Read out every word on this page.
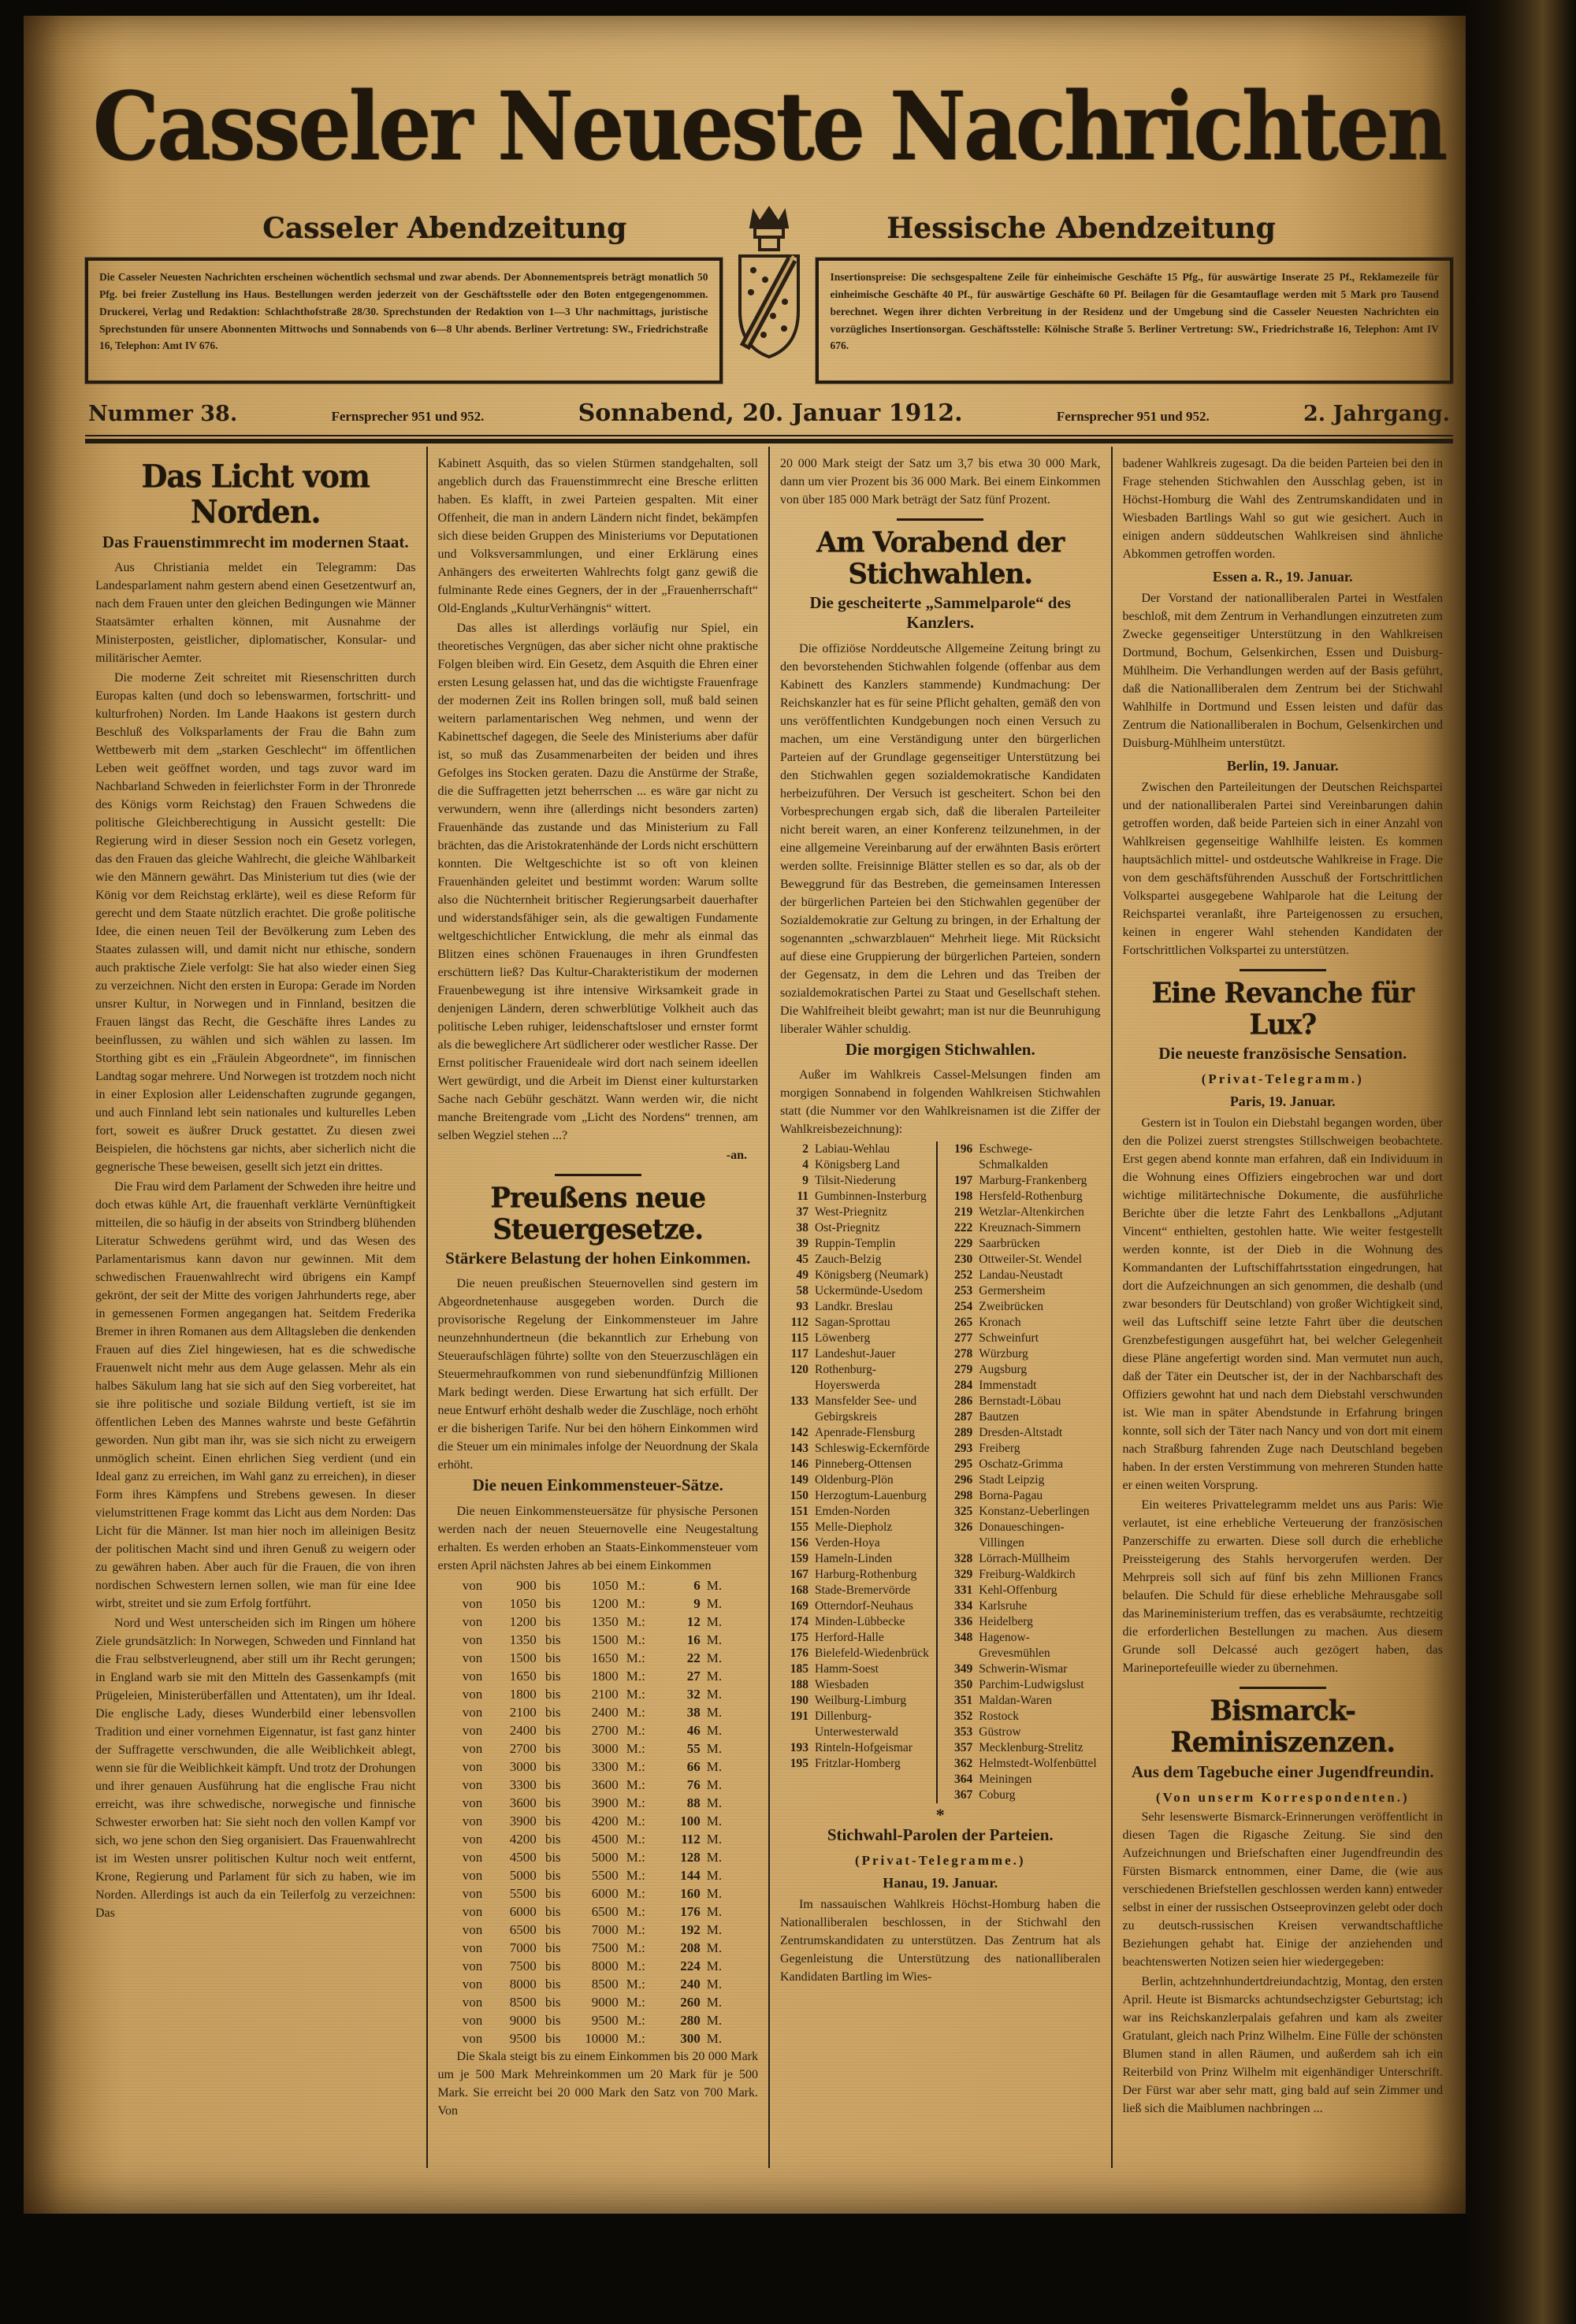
Casseler Neueste Nachrichten
Casseler Abendzeitung	Hessische Abendzeitung
Die Casseler Neuesten Nachrichten erscheinen wöchentlich sechsmal und zwar abends. Der Abonnementspreis beträgt monatlich 50 Pfg. bei freier Zustellung ins Haus. Bestellungen werden jederzeit von der Geschäftsstelle oder den Boten entgegengenommen. Druckerei, Verlag und Redaktion: Schlachthofstraße 28/30. Sprechstunden der Redaktion von 1—3 Uhr nachmittags, juristische Sprechstunden für unsere Abonnenten Mittwochs und Sonnabends von 6—8 Uhr abends. Berliner Vertretung: SW., Friedrichstraße 16, Telephon: Amt IV 676.
Insertionspreise: Die sechsgespaltene Zeile für einheimische Geschäfte 15 Pfg., für auswärtige Inserate 25 Pf., Reklamezeile für einheimische Geschäfte 40 Pf., für auswärtige Geschäfte 60 Pf. Beilagen für die Gesamtauflage werden mit 5 Mark pro Tausend berechnet. Wegen ihrer dichten Verbreitung in der Residenz und der Umgebung sind die Casseler Neuesten Nachrichten ein vorzügliches Insertionsorgan. Geschäftsstelle: Kölnische Straße 5. Berliner Vertretung: SW., Friedrichstraße 16, Telephon: Amt IV 676.
Nummer 38.	Fernsprecher 951 und 952.	Sonnabend, 20. Januar 1912.	Fernsprecher 951 und 952.	2. Jahrgang.
Das Licht vom Norden.
Das Frauenstimmrecht im modernen Staat.
Aus Christiania meldet ein Telegramm: Das Landesparlament nahm gestern abend einen Gesetzentwurf an, nach dem Frauen unter den gleichen Bedingungen wie Männer Staatsämter erhalten können, mit Ausnahme der Ministerposten, geistlicher, diplomatischer, Konsular- und militärischer Aemter.
Die moderne Zeit schreitet mit Riesenschritten durch Europas kalten (und doch so lebenswarmen, fortschritt- und kulturfrohen) Norden. Im Lande Haakons ist gestern durch Beschluß des Volksparlaments der Frau die Bahn zum Wettbewerb mit dem „starken Geschlecht“ im öffentlichen Leben weit geöffnet worden, und tags zuvor ward im Nachbarland Schweden in feierlichster Form in der Thronrede des Königs vorm Reichstag) den Frauen Schwedens die politische Gleichberechtigung in Aussicht gestellt: Die Regierung wird in dieser Session noch ein Gesetz vorlegen, das den Frauen das gleiche Wahlrecht, die gleiche Wählbarkeit wie den Männern gewährt. Das Ministerium tut dies (wie der König vor dem Reichstag erklärte), weil es diese Reform für gerecht und dem Staate nützlich erachtet. Die große politische Idee, die einen neuen Teil der Bevölkerung zum Leben des Staates zulassen will, und damit nicht nur ethische, sondern auch praktische Ziele verfolgt: Sie hat also wieder einen Sieg zu verzeichnen. Nicht den ersten in Europa: Gerade im Norden unsrer Kultur, in Norwegen und in Finnland, besitzen die Frauen längst das Recht, die Geschäfte ihres Landes zu beeinflussen, zu wählen und sich wählen zu lassen. Im Storthing gibt es ein „Fräulein Abgeordnete“, im finnischen Landtag sogar mehrere. Und Norwegen ist trotzdem noch nicht in einer Explosion aller Leidenschaften zugrunde gegangen, und auch Finnland lebt sein nationales und kulturelles Leben fort, soweit es äußrer Druck gestattet. Zu diesen zwei Beispielen, die höchstens gar nichts, aber sicherlich nicht die gegnerische These beweisen, gesellt sich jetzt ein drittes.
Die Frau wird dem Parlament der Schweden ihre heitre und doch etwas kühle Art, die frauenhaft verklärte Vernünftigkeit mitteilen, die so häufig in der abseits von Strindberg blühenden Literatur Schwedens gerühmt wird, und das Wesen des Parlamentarismus kann davon nur gewinnen. Mit dem schwedischen Frauenwahlrecht wird übrigens ein Kampf gekrönt, der seit der Mitte des vorigen Jahrhunderts rege, aber in gemessenen Formen angegangen hat. Seitdem Frederika Bremer in ihren Romanen aus dem Alltagsleben die denkenden Frauen auf dies Ziel hingewiesen, hat es die schwedische Frauenwelt nicht mehr aus dem Auge gelassen. Mehr als ein halbes Säkulum lang hat sie sich auf den Sieg vorbereitet, hat sie ihre politische und soziale Bildung vertieft, ist sie im öffentlichen Leben des Mannes wahrste und beste Gefährtin geworden. Nun gibt man ihr, was sie sich nicht zu erweigern unmöglich scheint. Einen ehrlichen Sieg verdient (und ein Ideal ganz zu erreichen, im Wahl ganz zu erreichen), in dieser Form ihres Kämpfens und Strebens gewesen. In dieser vielumstrittenen Frage kommt das Licht aus dem Norden: Das Licht für die Männer. Ist man hier noch im alleinigen Besitz der politischen Macht sind und ihren Genuß zu weigern oder zu gewähren haben. Aber auch für die Frauen, die von ihren nordischen Schwestern lernen sollen, wie man für eine Idee wirbt, streitet und sie zum Erfolg fortführt.
Nord und West unterscheiden sich im Ringen um höhere Ziele grundsätzlich: In Norwegen, Schweden und Finnland hat die Frau selbstverleugnend, aber still um ihr Recht gerungen; in England warb sie mit den Mitteln des Gassenkampfs (mit Prügeleien, Ministerüberfällen und Attentaten), um ihr Ideal. Die englische Lady, dieses Wunderbild einer lebensvollen Tradition und einer vornehmen Eigennatur, ist fast ganz hinter der Suffragette verschwunden, die alle Weiblichkeit ablegt, wenn sie für die Weiblichkeit kämpft. Und trotz der Drohungen und ihrer genauen Ausführung hat die englische Frau nicht erreicht, was ihre schwedische, norwegische und finnische Schwester erworben hat: Sie sieht noch den vollen Kampf vor sich, wo jene schon den Sieg organisiert. Das Frauenwahlrecht ist im Westen unsrer politischen Kultur noch weit entfernt, Krone, Regierung und Parlament für sich zu haben, wie im Norden. Allerdings ist auch da ein Teilerfolg zu verzeichnen: Das
Kabinett Asquith, das so vielen Stürmen standgehalten, soll angeblich durch das Frauenstimmrecht eine Bresche erlitten haben. Es klafft, in zwei Parteien gespalten. Mit einer Offenheit, die man in andern Ländern nicht findet, bekämpfen sich diese beiden Gruppen des Ministeriums vor Deputationen und Volksversammlungen, und einer Erklärung eines Anhängers des erweiterten Wahlrechts folgt ganz gewiß die fulminante Rede eines Gegners, der in der „Frauenherrschaft“ Old-Englands „KulturVerhängnis“ wittert.
Das alles ist allerdings vorläufig nur Spiel, ein theoretisches Vergnügen, das aber sicher nicht ohne praktische Folgen bleiben wird. Ein Gesetz, dem Asquith die Ehren einer ersten Lesung gelassen hat, und das die wichtigste Frauenfrage der modernen Zeit ins Rollen bringen soll, muß bald seinen weitern parlamentarischen Weg nehmen, und wenn der Kabinettschef dagegen, die Seele des Ministeriums aber dafür ist, so muß das Zusammenarbeiten der beiden und ihres Gefolges ins Stocken geraten. Dazu die Anstürme der Straße, die die Suffragetten jetzt beherrschen ... es wäre gar nicht zu verwundern, wenn ihre (allerdings nicht besonders zarten) Frauenhände das zustande und das Ministerium zu Fall brächten, das die Aristokratenhände der Lords nicht erschüttern konnten. Die Weltgeschichte ist so oft von kleinen Frauenhänden geleitet und bestimmt worden: Warum sollte also die Nüchternheit britischer Regierungsarbeit dauerhafter und widerstandsfähiger sein, als die gewaltigen Fundamente weltgeschichtlicher Entwicklung, die mehr als einmal das Blitzen eines schönen Frauenauges in ihren Grundfesten erschüttern ließ? Das Kultur-Charakteristikum der modernen Frauenbewegung ist ihre intensive Wirksamkeit grade in denjenigen Ländern, deren schwerblütige Volkheit auch das politische Leben ruhiger, leidenschaftsloser und ernster formt als die beweglichere Art südlicherer oder westlicher Rasse. Der Ernst politischer Frauenideale wird dort nach seinem ideellen Wert gewürdigt, und die Arbeit im Dienst einer kulturstarken Sache nach Gebühr geschätzt. Wann werden wir, die nicht manche Breitengrade vom „Licht des Nordens“ trennen, am selben Wegziel stehen ...?
-an.
Preußens neue Steuergesetze.
Stärkere Belastung der hohen Einkommen.
Die neuen preußischen Steuernovellen sind gestern im Abgeordnetenhause ausgegeben worden. Durch die provisorische Regelung der Einkommensteuer im Jahre neunzehnhundertneun (die bekanntlich zur Erhebung von Steueraufschlägen führte) sollte von den Steuerzuschlägen ein Steuermehraufkommen von rund siebenundfünfzig Millionen Mark bedingt werden. Diese Erwartung hat sich erfüllt. Der neue Entwurf erhöht deshalb weder die Zuschläge, noch erhöht er die bisherigen Tarife. Nur bei den höhern Einkommen wird die Steuer um ein minimales infolge der Neuordnung der Skala erhöht.
Die neuen Einkommensteuer-Sätze.
Die neuen Einkommensteuersätze für physische Personen werden nach der neuen Steuernovelle eine Neugestaltung erhalten. Es werden erhoben an Staats-Einkommensteuer vom ersten April nächsten Jahres ab bei einem Einkommen
von	900 bis	1050 M.:	6 M.
von	1050 bis	1200 M.:	9 M.
von	1200 bis	1350 M.:	12 M.
von	1350 bis	1500 M.:	16 M.
von	1500 bis	1650 M.:	22 M.
von	1650 bis	1800 M.:	27 M.
von	1800 bis	2100 M.:	32 M.
von	2100 bis	2400 M.:	38 M.
von	2400 bis	2700 M.:	46 M.
von	2700 bis	3000 M.:	55 M.
von	3000 bis	3300 M.:	66 M.
von	3300 bis	3600 M.:	76 M.
von	3600 bis	3900 M.:	88 M.
von	3900 bis	4200 M.:	100 M.
von	4200 bis	4500 M.:	112 M.
von	4500 bis	5000 M.:	128 M.
von	5000 bis	5500 M.:	144 M.
von	5500 bis	6000 M.:	160 M.
von	6000 bis	6500 M.:	176 M.
von	6500 bis	7000 M.:	192 M.
von	7000 bis	7500 M.:	208 M.
von	7500 bis	8000 M.:	224 M.
von	8000 bis	8500 M.:	240 M.
von	8500 bis	9000 M.:	260 M.
von	9000 bis	9500 M.:	280 M.
von	9500 bis	10000 M.:	300 M.
Die Skala steigt bis zu einem Einkommen bis 20 000 Mark um je 500 Mark Mehreinkommen um 20 Mark für je 500 Mark. Sie erreicht bei 20 000 Mark den Satz von 700 Mark. Von
20 000 Mark steigt der Satz um 3,7 bis etwa 30 000 Mark, dann um vier Prozent bis 36 000 Mark. Bei einem Einkommen von über 185 000 Mark beträgt der Satz fünf Prozent.
Am Vorabend der Stichwahlen.
Die gescheiterte „Sammelparole“ des Kanzlers.
Die offiziöse Norddeutsche Allgemeine Zeitung bringt zu den bevorstehenden Stichwahlen folgende (offenbar aus dem Kabinett des Kanzlers stammende) Kundmachung: Der Reichskanzler hat es für seine Pflicht gehalten, gemäß den von uns veröffentlichten Kundgebungen noch einen Versuch zu machen, um eine Verständigung unter den bürgerlichen Parteien auf der Grundlage gegenseitiger Unterstützung bei den Stichwahlen gegen sozialdemokratische Kandidaten herbeizuführen. Der Versuch ist gescheitert. Schon bei den Vorbesprechungen ergab sich, daß die liberalen Parteileiter nicht bereit waren, an einer Konferenz teilzunehmen, in der eine allgemeine Vereinbarung auf der erwähnten Basis erörtert werden sollte. Freisinnige Blätter stellen es so dar, als ob der Beweggrund für das Bestreben, die gemeinsamen Interessen der bürgerlichen Parteien bei den Stichwahlen gegenüber der Sozialdemokratie zur Geltung zu bringen, in der Erhaltung der sogenannten „schwarzblauen“ Mehrheit liege. Mit Rücksicht auf diese eine Gruppierung der bürgerlichen Parteien, sondern der Gegensatz, in dem die Lehren und das Treiben der sozialdemokratischen Partei zu Staat und Gesellschaft stehen. Die Wahlfreiheit bleibt gewahrt; man ist nur die Beunruhigung liberaler Wähler schuldig.
Die morgigen Stichwahlen.
Außer im Wahlkreis Cassel-Melsungen finden am morgigen Sonnabend in folgenden Wahlkreisen Stichwahlen statt (die Nummer vor den Wahlkreisnamen ist die Ziffer der Wahlkreisbezeichnung):
2 Labiau-Wehlau
4 Königsberg Land
9 Tilsit-Niederung
11 Gumbinnen-Insterburg
37 West-Priegnitz
38 Ost-Priegnitz
39 Ruppin-Templin
45 Zauch-Belzig
49 Königsberg (Neumark)
58 Uckermünde-Usedom
93 Landkr. Breslau
112 Sagan-Sprottau
115 Löwenberg
117 Landeshut-Jauer
120 Rothenburg-Hoyerswerda
133 Mansfelder See- und Gebirgskreis
142 Apenrade-Flensburg
143 Schleswig-Eckernförde
146 Pinneberg-Ottensen
149 Oldenburg-Plön
150 Herzogtum-Lauenburg
151 Emden-Norden
155 Melle-Diepholz
156 Verden-Hoya
159 Hameln-Linden
167 Harburg-Rothenburg
168 Stade-Bremervörde
169 Otterndorf-Neuhaus
174 Minden-Lübbecke
175 Herford-Halle
176 Bielefeld-Wiedenbrück
185 Hamm-Soest
188 Wiesbaden
190 Weilburg-Limburg
191 Dillenburg-Unterwesterwald
193 Rinteln-Hofgeismar
195 Fritzlar-Homberg
196 Eschwege-Schmalkalden
197 Marburg-Frankenberg
198 Hersfeld-Rothenburg
219 Wetzlar-Altenkirchen
222 Kreuznach-Simmern
229 Saarbrücken
230 Ottweiler-St. Wendel
252 Landau-Neustadt
253 Germersheim
254 Zweibrücken
265 Kronach
277 Schweinfurt
278 Würzburg
279 Augsburg
284 Immenstadt
286 Bernstadt-Löbau
287 Bautzen
289 Dresden-Altstadt
293 Freiberg
295 Oschatz-Grimma
296 Stadt Leipzig
298 Borna-Pagau
325 Konstanz-Ueberlingen
326 Donaueschingen-Villingen
328 Lörrach-Müllheim
329 Freiburg-Waldkirch
331 Kehl-Offenburg
334 Karlsruhe
336 Heidelberg
348 Hagenow-Grevesmühlen
349 Schwerin-Wismar
350 Parchim-Ludwigslust
351 Maldan-Waren
352 Rostock
353 Güstrow
357 Mecklenburg-Strelitz
362 Helmstedt-Wolfenbüttel
364 Meiningen
367 Coburg
*
Stichwahl-Parolen der Parteien.
(Privat-Telegramme.)
Hanau, 19. Januar.
Im nassauischen Wahlkreis Höchst-Homburg haben die Nationalliberalen beschlossen, in der Stichwahl den Zentrumskandidaten zu unterstützen. Das Zentrum hat als Gegenleistung die Unterstützung des nationalliberalen Kandidaten Bartling im Wies-
badener Wahlkreis zugesagt. Da die beiden Parteien bei den in Frage stehenden Stichwahlen den Ausschlag geben, ist in Höchst-Homburg die Wahl des Zentrumskandidaten und in Wiesbaden Bartlings Wahl so gut wie gesichert. Auch in einigen andern süddeutschen Wahlkreisen sind ähnliche Abkommen getroffen worden.
Essen a. R., 19. Januar.
Der Vorstand der nationalliberalen Partei in Westfalen beschloß, mit dem Zentrum in Verhandlungen einzutreten zum Zwecke gegenseitiger Unterstützung in den Wahlkreisen Dortmund, Bochum, Gelsenkirchen, Essen und Duisburg-Mühlheim. Die Verhandlungen werden auf der Basis geführt, daß die Nationalliberalen dem Zentrum bei der Stichwahl Wahlhilfe in Dortmund und Essen leisten und dafür das Zentrum die Nationalliberalen in Bochum, Gelsenkirchen und Duisburg-Mühlheim unterstützt.
Berlin, 19. Januar.
Zwischen den Parteileitungen der Deutschen Reichspartei und der nationalliberalen Partei sind Vereinbarungen dahin getroffen worden, daß beide Parteien sich in einer Anzahl von Wahlkreisen gegenseitige Wahlhilfe leisten. Es kommen hauptsächlich mittel- und ostdeutsche Wahlkreise in Frage. Die von dem geschäftsführenden Ausschuß der Fortschrittlichen Volkspartei ausgegebene Wahlparole hat die Leitung der Reichspartei veranlaßt, ihre Parteigenossen zu ersuchen, keinen in engerer Wahl stehenden Kandidaten der Fortschrittlichen Volkspartei zu unterstützen.
Eine Revanche für Lux?
Die neueste französische Sensation.
(Privat-Telegramm.)
Paris, 19. Januar.
Gestern ist in Toulon ein Diebstahl begangen worden, über den die Polizei zuerst strengstes Stillschweigen beobachtete. Erst gegen abend konnte man erfahren, daß ein Individuum in die Wohnung eines Offiziers eingebrochen war und dort wichtige militärtechnische Dokumente, die ausführliche Berichte über die letzte Fahrt des Lenkballons „Adjutant Vincent“ enthielten, gestohlen hatte. Wie weiter festgestellt werden konnte, ist der Dieb in die Wohnung des Kommandanten der Luftschiffahrtsstation eingedrungen, hat dort die Aufzeichnungen an sich genommen, die deshalb (und zwar besonders für Deutschland) von großer Wichtigkeit sind, weil das Luftschiff seine letzte Fahrt über die deutschen Grenzbefestigungen ausgeführt hat, bei welcher Gelegenheit diese Pläne angefertigt worden sind. Man vermutet nun auch, daß der Täter ein Deutscher ist, der in der Nachbarschaft des Offiziers gewohnt hat und nach dem Diebstahl verschwunden ist. Wie man in später Abendstunde in Erfahrung bringen konnte, soll sich der Täter nach Nancy und von dort mit einem nach Straßburg fahrenden Zuge nach Deutschland begeben haben. In der ersten Verstimmung von mehreren Stunden hatte er einen weiten Vorsprung.
Ein weiteres Privattelegramm meldet uns aus Paris: Wie verlautet, ist eine erhebliche Verteuerung der französischen Panzerschiffe zu erwarten. Diese soll durch die erhebliche Preissteigerung des Stahls hervorgerufen werden. Der Mehrpreis soll sich auf fünf bis zehn Millionen Francs belaufen. Die Schuld für diese erhebliche Mehrausgabe soll das Marineministerium treffen, das es verabsäumte, rechtzeitig die erforderlichen Bestellungen zu machen. Aus diesem Grunde soll Delcassé auch gezögert haben, das Marineportefeuille wieder zu übernehmen.
Bismarck-Reminiszenzen.
Aus dem Tagebuche einer Jugendfreundin.
(Von unserm Korrespondenten.)
Sehr lesenswerte Bismarck-Erinnerungen veröffentlicht in diesen Tagen die Rigasche Zeitung. Sie sind den Aufzeichnungen und Briefschaften einer Jugendfreundin des Fürsten Bismarck entnommen, einer Dame, die (wie aus verschiedenen Briefstellen geschlossen werden kann) entweder selbst in einer der russischen Ostseeprovinzen gelebt oder doch zu deutsch-russischen Kreisen verwandtschaftliche Beziehungen gehabt hat. Einige der anziehenden und beachtenswerten Notizen seien hier wiedergegeben:
Berlin, achtzehnhundertdreiundachtzig, Montag, den ersten April. Heute ist Bismarcks achtundsechzigster Geburtstag; ich war ins Reichskanzlerpalais gefahren und kam als zweiter Gratulant, gleich nach Prinz Wilhelm. Eine Fülle der schönsten Blumen stand in allen Räumen, und außerdem sah ich ein Reiterbild von Prinz Wilhelm mit eigenhändiger Unterschrift. Der Fürst war aber sehr matt, ging bald auf sein Zimmer und ließ sich die Maiblumen nachbringen ...
